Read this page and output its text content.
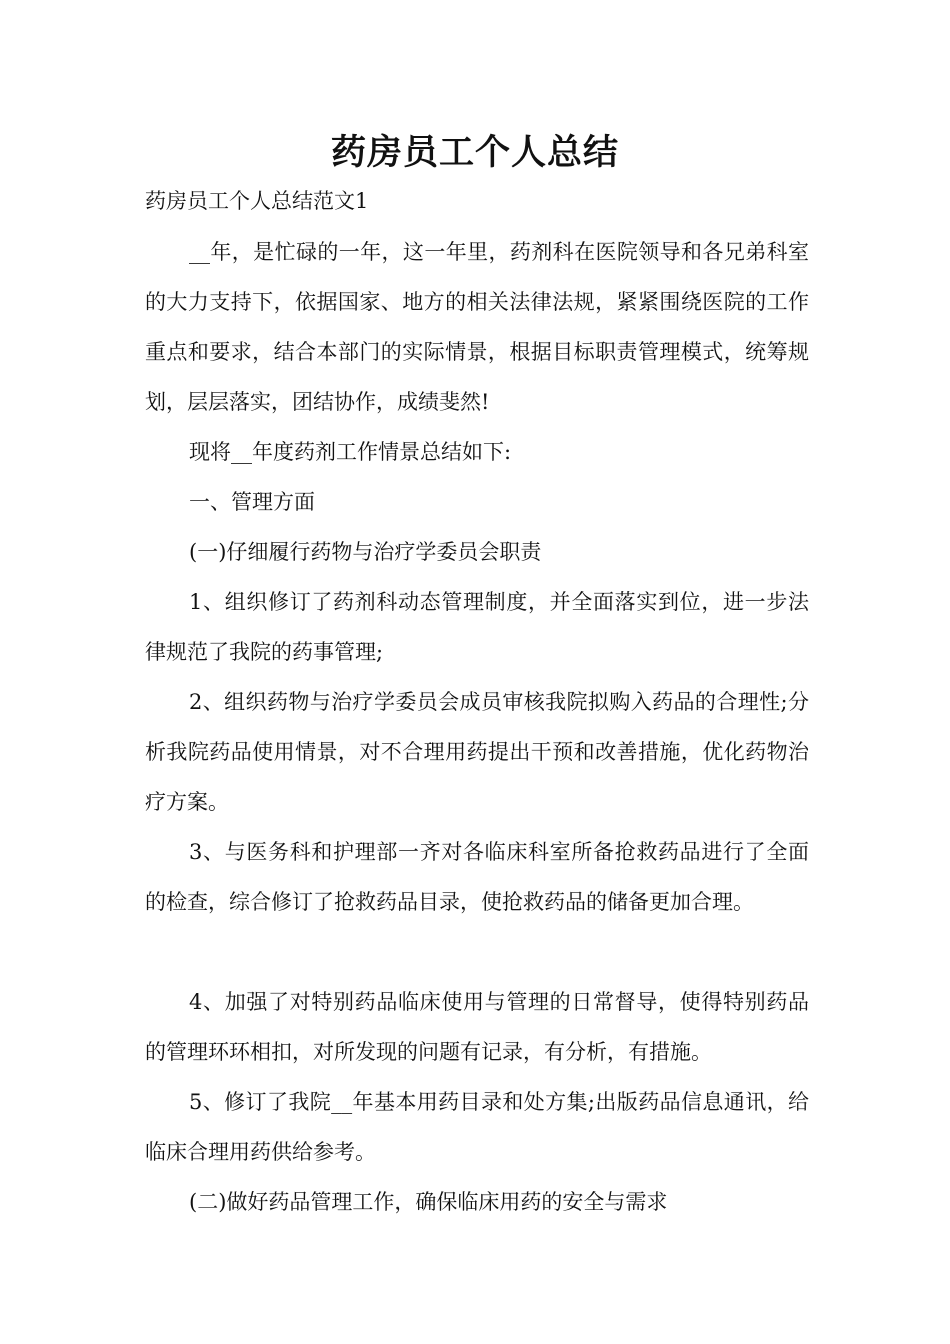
药房员工个人总结
药房员工个人总结范文1

__年，是忙碌的一年，这一年里，药剂科在医院领导和各兄弟科室的大力支持下，依据国家、地方的相关法律法规，紧紧围绕医院的工作重点和要求，结合本部门的实际情景，根据目标职责管理模式，统筹规划，层层落实，团结协作，成绩斐然!

现将__年度药剂工作情景总结如下:

一、管理方面

(一)仔细履行药物与治疗学委员会职责

1、组织修订了药剂科动态管理制度，并全面落实到位，进一步法律规范了我院的药事管理;

2、组织药物与治疗学委员会成员审核我院拟购入药品的合理性;分析我院药品使用情景，对不合理用药提出干预和改善措施，优化药物治疗方案。

3、与医务科和护理部一齐对各临床科室所备抢救药品进行了全面的检查，综合修订了抢救药品目录，使抢救药品的储备更加合理。

4、加强了对特别药品临床使用与管理的日常督导，使得特别药品的管理环环相扣，对所发现的问题有记录，有分析，有措施。

5、修订了我院__年基本用药目录和处方集;出版药品信息通讯，给临床合理用药供给参考。

(二)做好药品管理工作，确保临床用药的安全与需求
